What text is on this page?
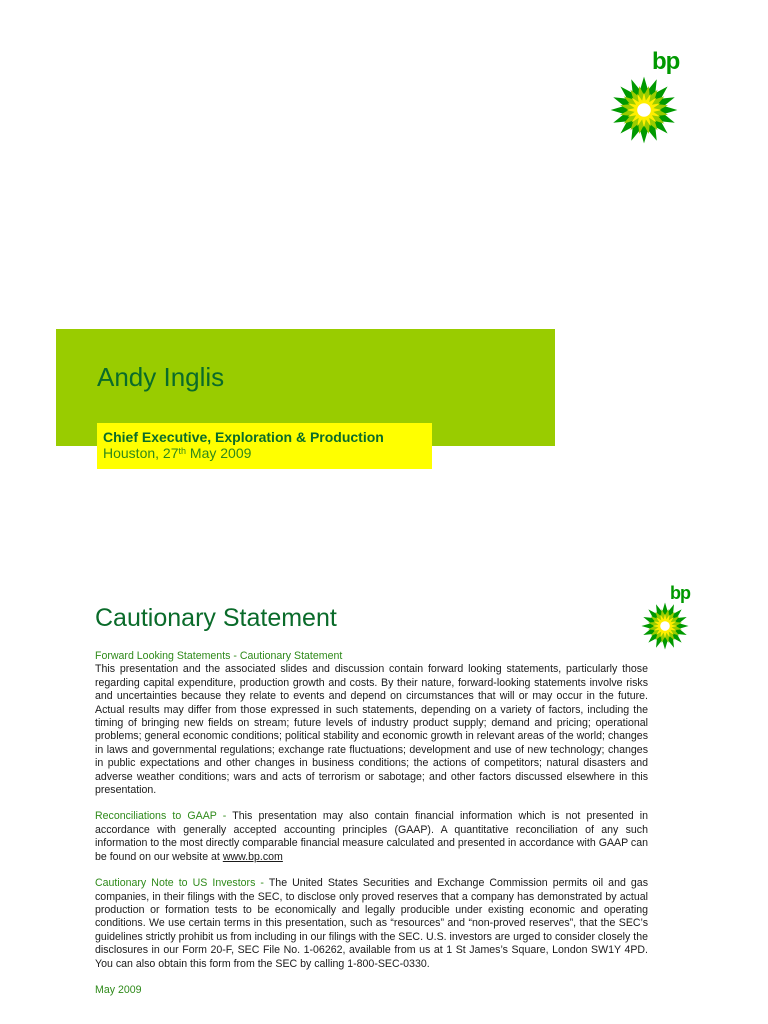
bp
Andy Inglis
Chief Executive, Exploration & Production
Houston, 27th May 2009
bp
Cautionary Statement
Forward Looking Statements - Cautionary Statement
This presentation and the associated slides and discussion contain forward looking statements, particularly those regarding capital expenditure, production growth and costs. By their nature, forward-looking statements involve risks and uncertainties because they relate to events and depend on circumstances that will or may occur in the future. Actual results may differ from those expressed in such statements, depending on a variety of factors, including the timing of bringing new fields on stream; future levels of industry product supply; demand and pricing; operational problems; general economic conditions; political stability and economic growth in relevant areas of the world; changes in laws and governmental regulations; exchange rate fluctuations; development and use of new technology; changes in public expectations and other changes in business conditions; the actions of competitors; natural disasters and adverse weather conditions; wars and acts of terrorism or sabotage; and other factors discussed elsewhere in this presentation.
Reconciliations to GAAP - This presentation may also contain financial information which is not presented in accordance with generally accepted accounting principles (GAAP). A quantitative reconciliation of any such information to the most directly comparable financial measure calculated and presented in accordance with GAAP can be found on our website at www.bp.com
Cautionary Note to US Investors - The United States Securities and Exchange Commission permits oil and gas companies, in their filings with the SEC, to disclose only proved reserves that a company has demonstrated by actual production or formation tests to be economically and legally producible under existing economic and operating conditions. We use certain terms in this presentation, such as “resources” and “non-proved reserves”, that the SEC’s guidelines strictly prohibit us from including in our filings with the SEC. U.S. investors are urged to consider closely the disclosures in our Form 20-F, SEC File No. 1-06262, available from us at 1 St James’s Square, London SW1Y 4PD. You can also obtain this form from the SEC by calling 1-800-SEC-0330.
May 2009
